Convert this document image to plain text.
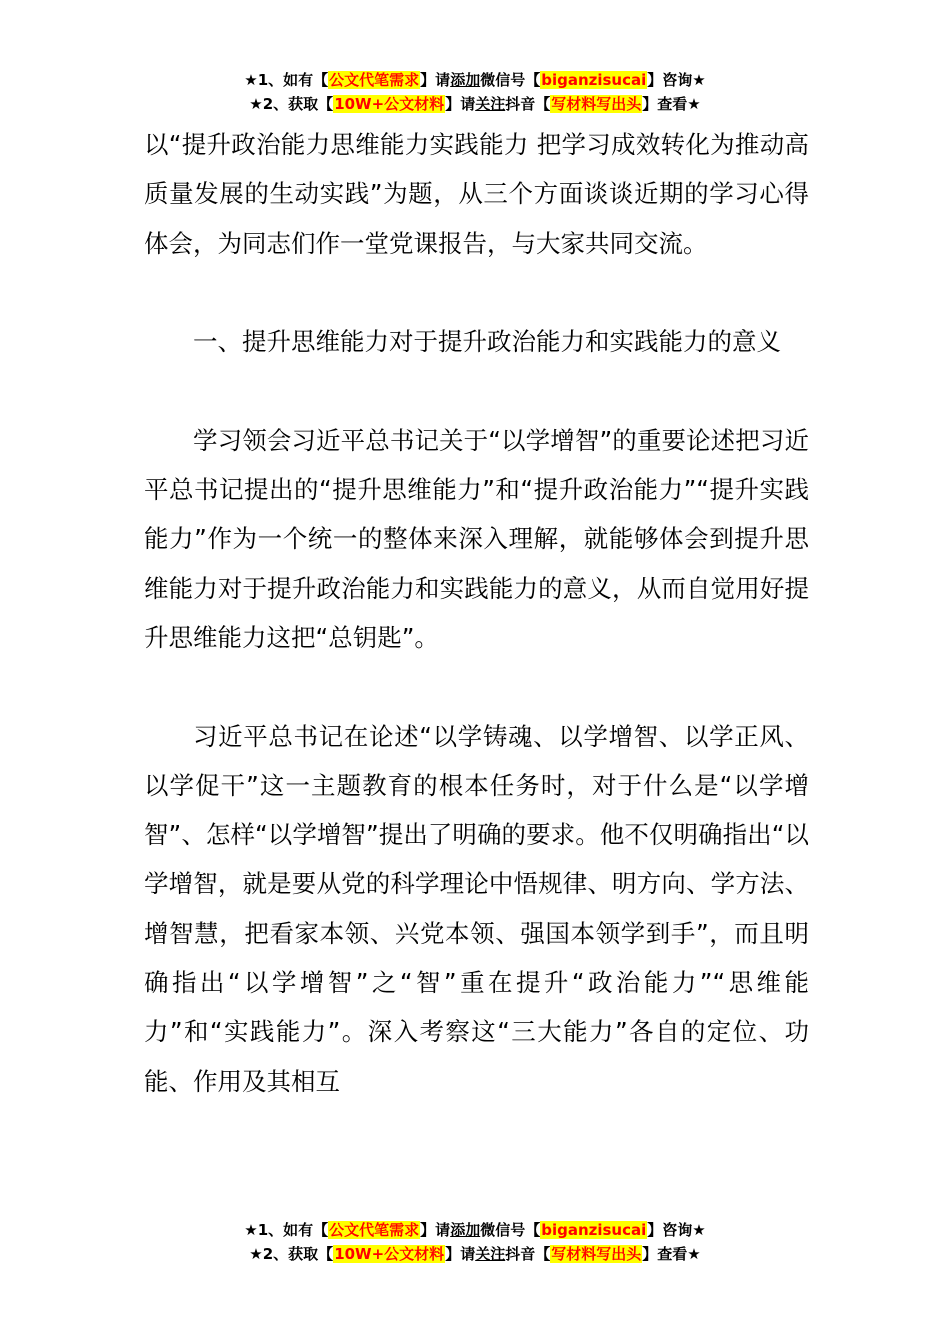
★1、如有【公文代笔需求】请添加微信号【biganzisucai】咨询★
★2、获取【10W+公文材料】请关注抖音【写材料写出头】查看★

以“提升政治能力思维能力实践能力 把学习成效转化为推动高质量发展的生动实践”为题，从三个方面谈谈近期的学习心得体会，为同志们作一堂党课报告，与大家共同交流。

一、提升思维能力对于提升政治能力和实践能力的意义

学习领会习近平总书记关于“以学增智”的重要论述把习近平总书记提出的“提升思维能力”和“提升政治能力”“提升实践能力”作为一个统一的整体来深入理解，就能够体会到提升思维能力对于提升政治能力和实践能力的意义，从而自觉用好提升思维能力这把“总钥匙”。

习近平总书记在论述“以学铸魂、以学增智、以学正风、以学促干”这一主题教育的根本任务时，对于什么是“以学增智”、怎样“以学增智”提出了明确的要求。他不仅明确指出“以学增智，就是要从党的科学理论中悟规律、明方向、学方法、增智慧，把看家本领、兴党本领、强国本领学到手”，而且明确指出“以学增智”之“智”重在提升“政治能力”“思维能力”和“实践能力”。深入考察这“三大能力”各自的定位、功能、作用及其相互

★1、如有【公文代笔需求】请添加微信号【biganzisucai】咨询★
★2、获取【10W+公文材料】请关注抖音【写材料写出头】查看★
